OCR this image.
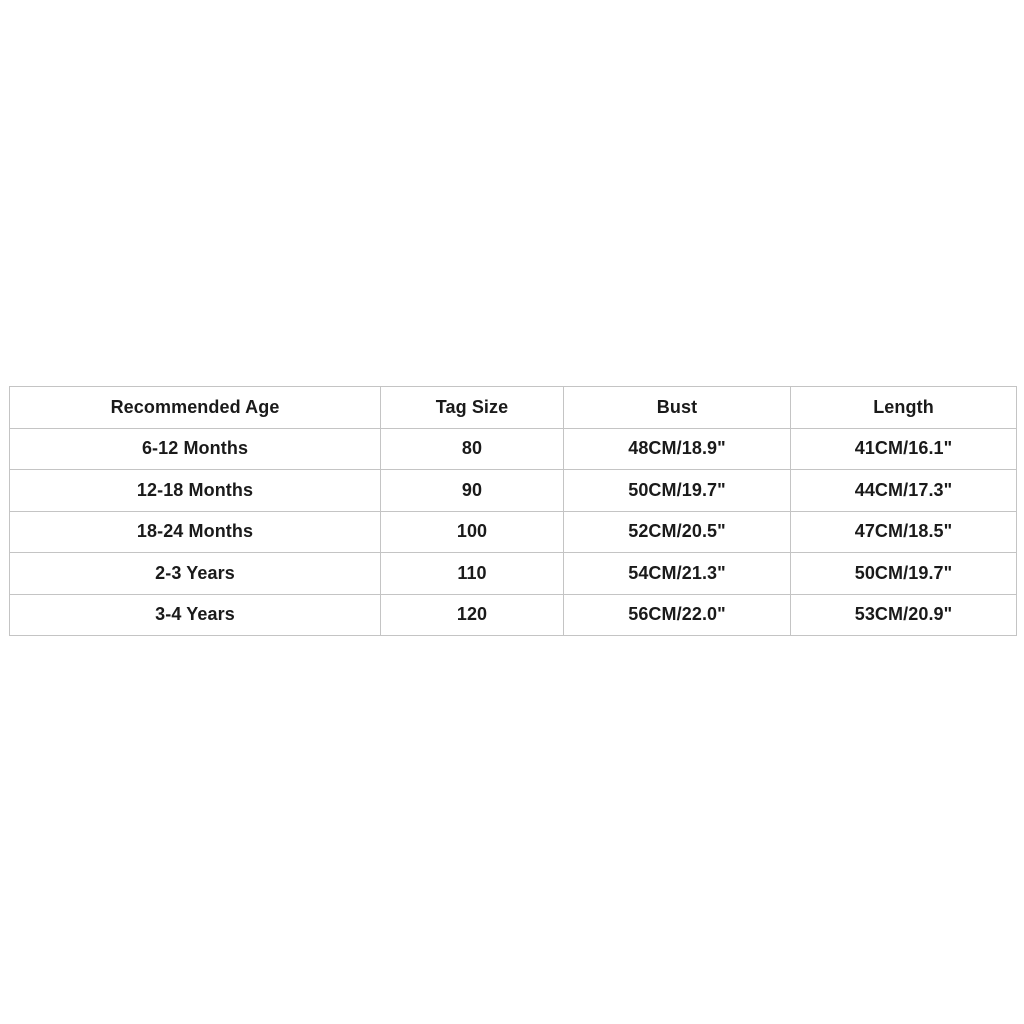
Recommended Age	Tag Size	Bust	Length
6-12 Months	80	48CM/18.9"	41CM/16.1"
12-18 Months	90	50CM/19.7"	44CM/17.3"
18-24 Months	100	52CM/20.5"	47CM/18.5"
2-3 Years	110	54CM/21.3"	50CM/19.7"
3-4 Years	120	56CM/22.0"	53CM/20.9"
